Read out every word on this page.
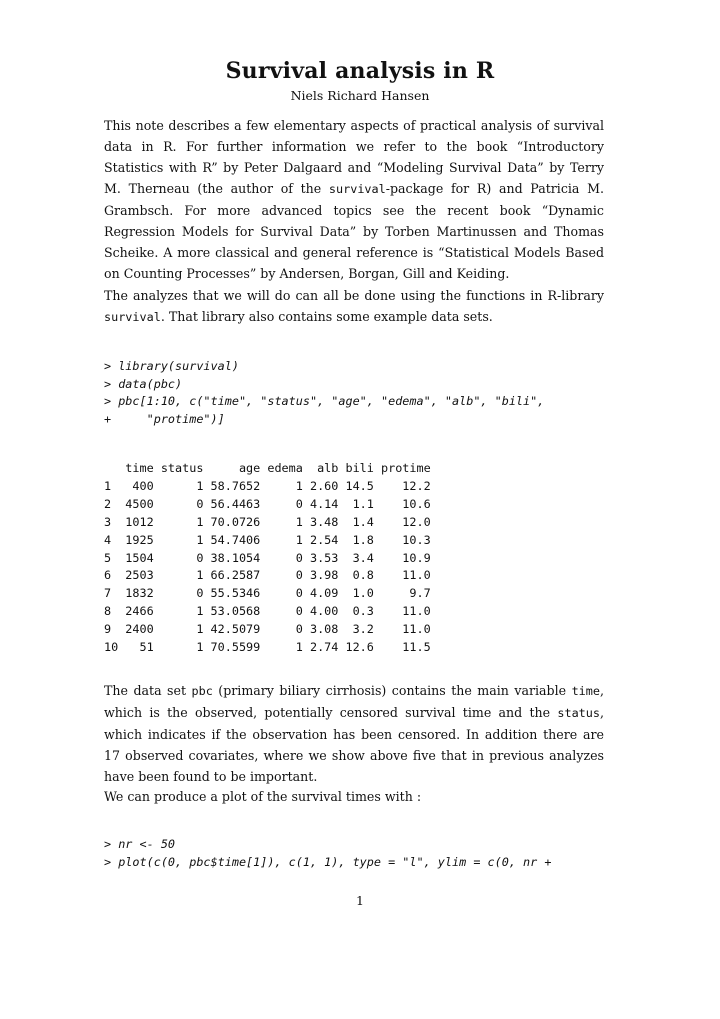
Survival analysis in R
Niels Richard Hansen

This note describes a few elementary aspects of practical analysis of survival data in R. For further information we refer to the book “Introductory Statistics with R” by Peter Dalgaard and “Modeling Survival Data” by Terry M. Therneau (the author of the survival-package for R) and Patricia M. Grambsch. For more advanced topics see the recent book “Dynamic Regression Models for Survival Data” by Torben Martinussen and Thomas Scheike. A more classical and general reference is “Statistical Models Based on Counting Processes” by Andersen, Borgan, Gill and Keiding.

The analyzes that we will do can all be done using the functions in R-library survival. That library also contains some example data sets.

> library(survival)
> data(pbc)
> pbc[1:10, c("time", "status", "age", "edema", "alb", "bili",
+     "protime")]
time status     age edema  alb bili protime
1   400      1 58.7652     1 2.60 14.5    12.2
2  4500      0 56.4463     0 4.14  1.1    10.6
3  1012      1 70.0726     1 3.48  1.4    12.0
4  1925      1 54.7406     1 2.54  1.8    10.3
5  1504      0 38.1054     0 3.53  3.4    10.9
6  2503      1 66.2587     0 3.98  0.8    11.0
7  1832      0 55.5346     0 4.09  1.0     9.7
8  2466      1 53.0568     0 4.00  0.3    11.0
9  2400      1 42.5079     0 3.08  3.2    11.0
10   51      1 70.5599     1 2.74 12.6    11.5

The data set pbc (primary biliary cirrhosis) contains the main variable time, which is the observed, potentially censored survival time and the status, which indicates if the observation has been censored. In addition there are 17 observed covariates, where we show above five that in previous analyzes have been found to be important.

We can produce a plot of the survival times with :

> nr <- 50
> plot(c(0, pbc$time[1]), c(1, 1), type = "l", ylim = c(0, nr +
1
